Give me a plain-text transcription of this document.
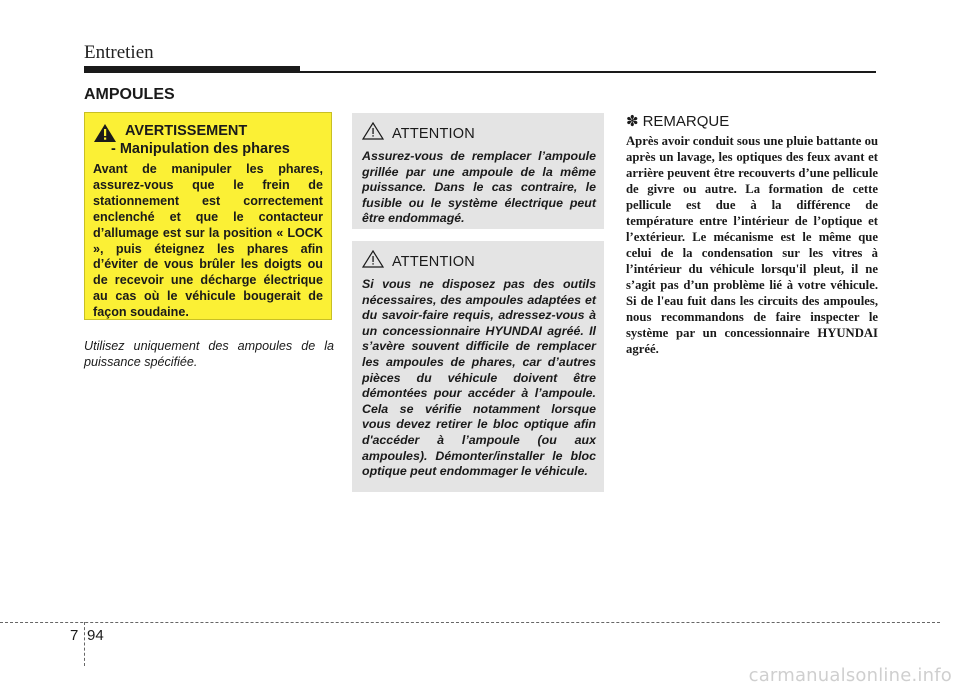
Entretien
AMPOULES
AVERTISSEMENT
- Manipulation des phares
Avant de manipuler les phares, assurez-vous que le frein de stationnement est correctement enclenché et que le contacteur d’allumage est sur la position « LOCK », puis éteignez les phares afin d’éviter de vous brûler les doigts ou de recevoir une décharge électrique au cas où le véhicule bougerait de façon soudaine.
Utilisez uniquement des ampoules de la puissance spécifiée.
ATTENTION
Assurez-vous de remplacer l’ampoule grillée par une ampoule de la même puissance. Dans le cas contraire, le fusible ou le système électrique peut être endommagé.
ATTENTION
Si vous ne disposez pas des outils nécessaires, des ampoules adaptées et du savoir-faire requis, adressez-vous à un concessionnaire HYUNDAI agréé. Il s’avère souvent difficile de remplacer les ampoules de phares, car d’autres pièces du véhicule doivent être démontées pour accéder à l’ampoule. Cela se vérifie notamment lorsque vous devez retirer le bloc optique afin d'accéder à l’ampoule (ou aux ampoules). Démonter/installer le bloc optique peut endommager le véhicule.
✽ REMARQUE
Après avoir conduit sous une pluie battante ou après un lavage, les optiques des feux avant et arrière peuvent être recouverts d’une pellicule de givre ou autre. La formation de cette pellicule est due à la différence de température entre l’intérieur de l’optique et l’extérieur. Le mécanisme est le même que celui de la condensation sur les vitres à l’intérieur du véhicule lorsqu'il pleut, il ne s’agit pas d’un problème lié à votre véhicule. Si de l'eau fuit dans les circuits des ampoules, nous recommandons de faire inspecter le système par un concessionnaire HYUNDAI agréé.
7 94
carmanualsonline.info
